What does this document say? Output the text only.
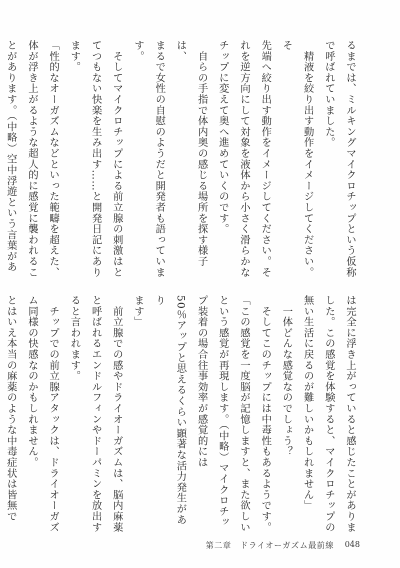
るまでは、ミルキングマイクロチップという仮称

で呼ばれていました。

　精液を絞り出す動作をイメージしてください。そ

先端へ絞り出す動作をイメージしてください。そ

れを逆方向にして対象を液体から小さく滑らかな

チップに変えて奥へ進めていくのです。

　自らの手指で体内奥の感じる場所を探す様子は、

まるで女性の自慰のようだと開発者も語っていま

す。

　そしてマイクロチップによる前立腺の刺激はと

てつもない快楽を生み出す……と開発日記にあり

ます。

「性的なオーガズムなどといった範疇を超えた、

体が浮き上がるような超人的に感覚に襲われるこ

とがあります。（中略）空中浮遊という言葉があ

は完全に浮き上がっていると感じたことがありま

した。この感覚を体験すると、マイクロチップの

無い生活に戻るのが難しいかもしれません」

　一体どんな感覚なのでしょう？

　そしてこのチップには中毒性もあるようです。

「この感覚を一度脳が記憶しますと、また欲しい

という感覚が再現します。（中略）マイクロチッ

プ装着の場合往事効率が感覚的には

50％アップと思えるくらい顕著な活力発生があり

ます」

　前立腺での感やドライオーガズムは、脳内麻薬

と呼ばれるエンドルフィンやドーパミンを放出す

ると言われます。

　チップでの前立腺アタックは、ドライオーガズ

ム同様の快感なのかもしれません。

とはいえ本当の麻薬のような中毒症状は皆無で

第二章　ドライオーガズム最前線 048
